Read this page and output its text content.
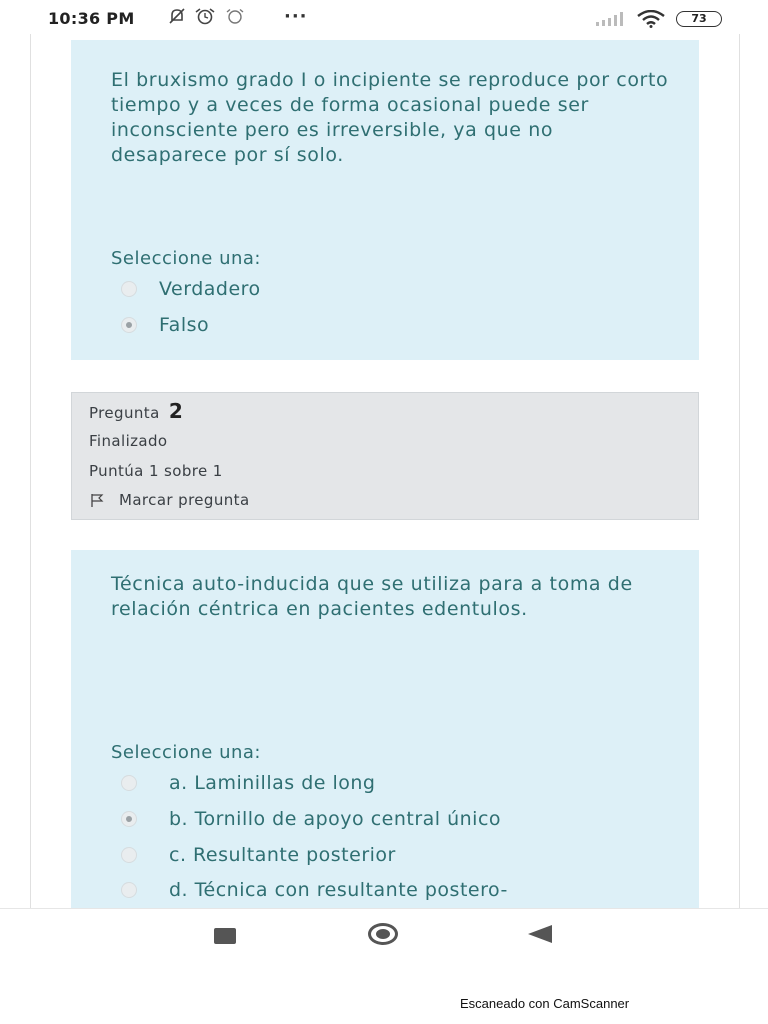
10:36 PM	···	73
El bruxismo grado I o incipiente se reproduce por corto tiempo y a veces de forma ocasional puede ser inconsciente pero es irreversible, ya que no desaparece por sí solo.
Seleccione una:
Verdadero
Falso
Pregunta 2
Finalizado
Puntúa 1 sobre 1
Marcar pregunta
Técnica auto-inducida que se utiliza para a toma de relación céntrica en pacientes edentulos.
Seleccione una:
a. Laminillas de long
b. Tornillo de apoyo central único
c. Resultante posterior
d. Técnica con resultante postero-
Escaneado con CamScanner
